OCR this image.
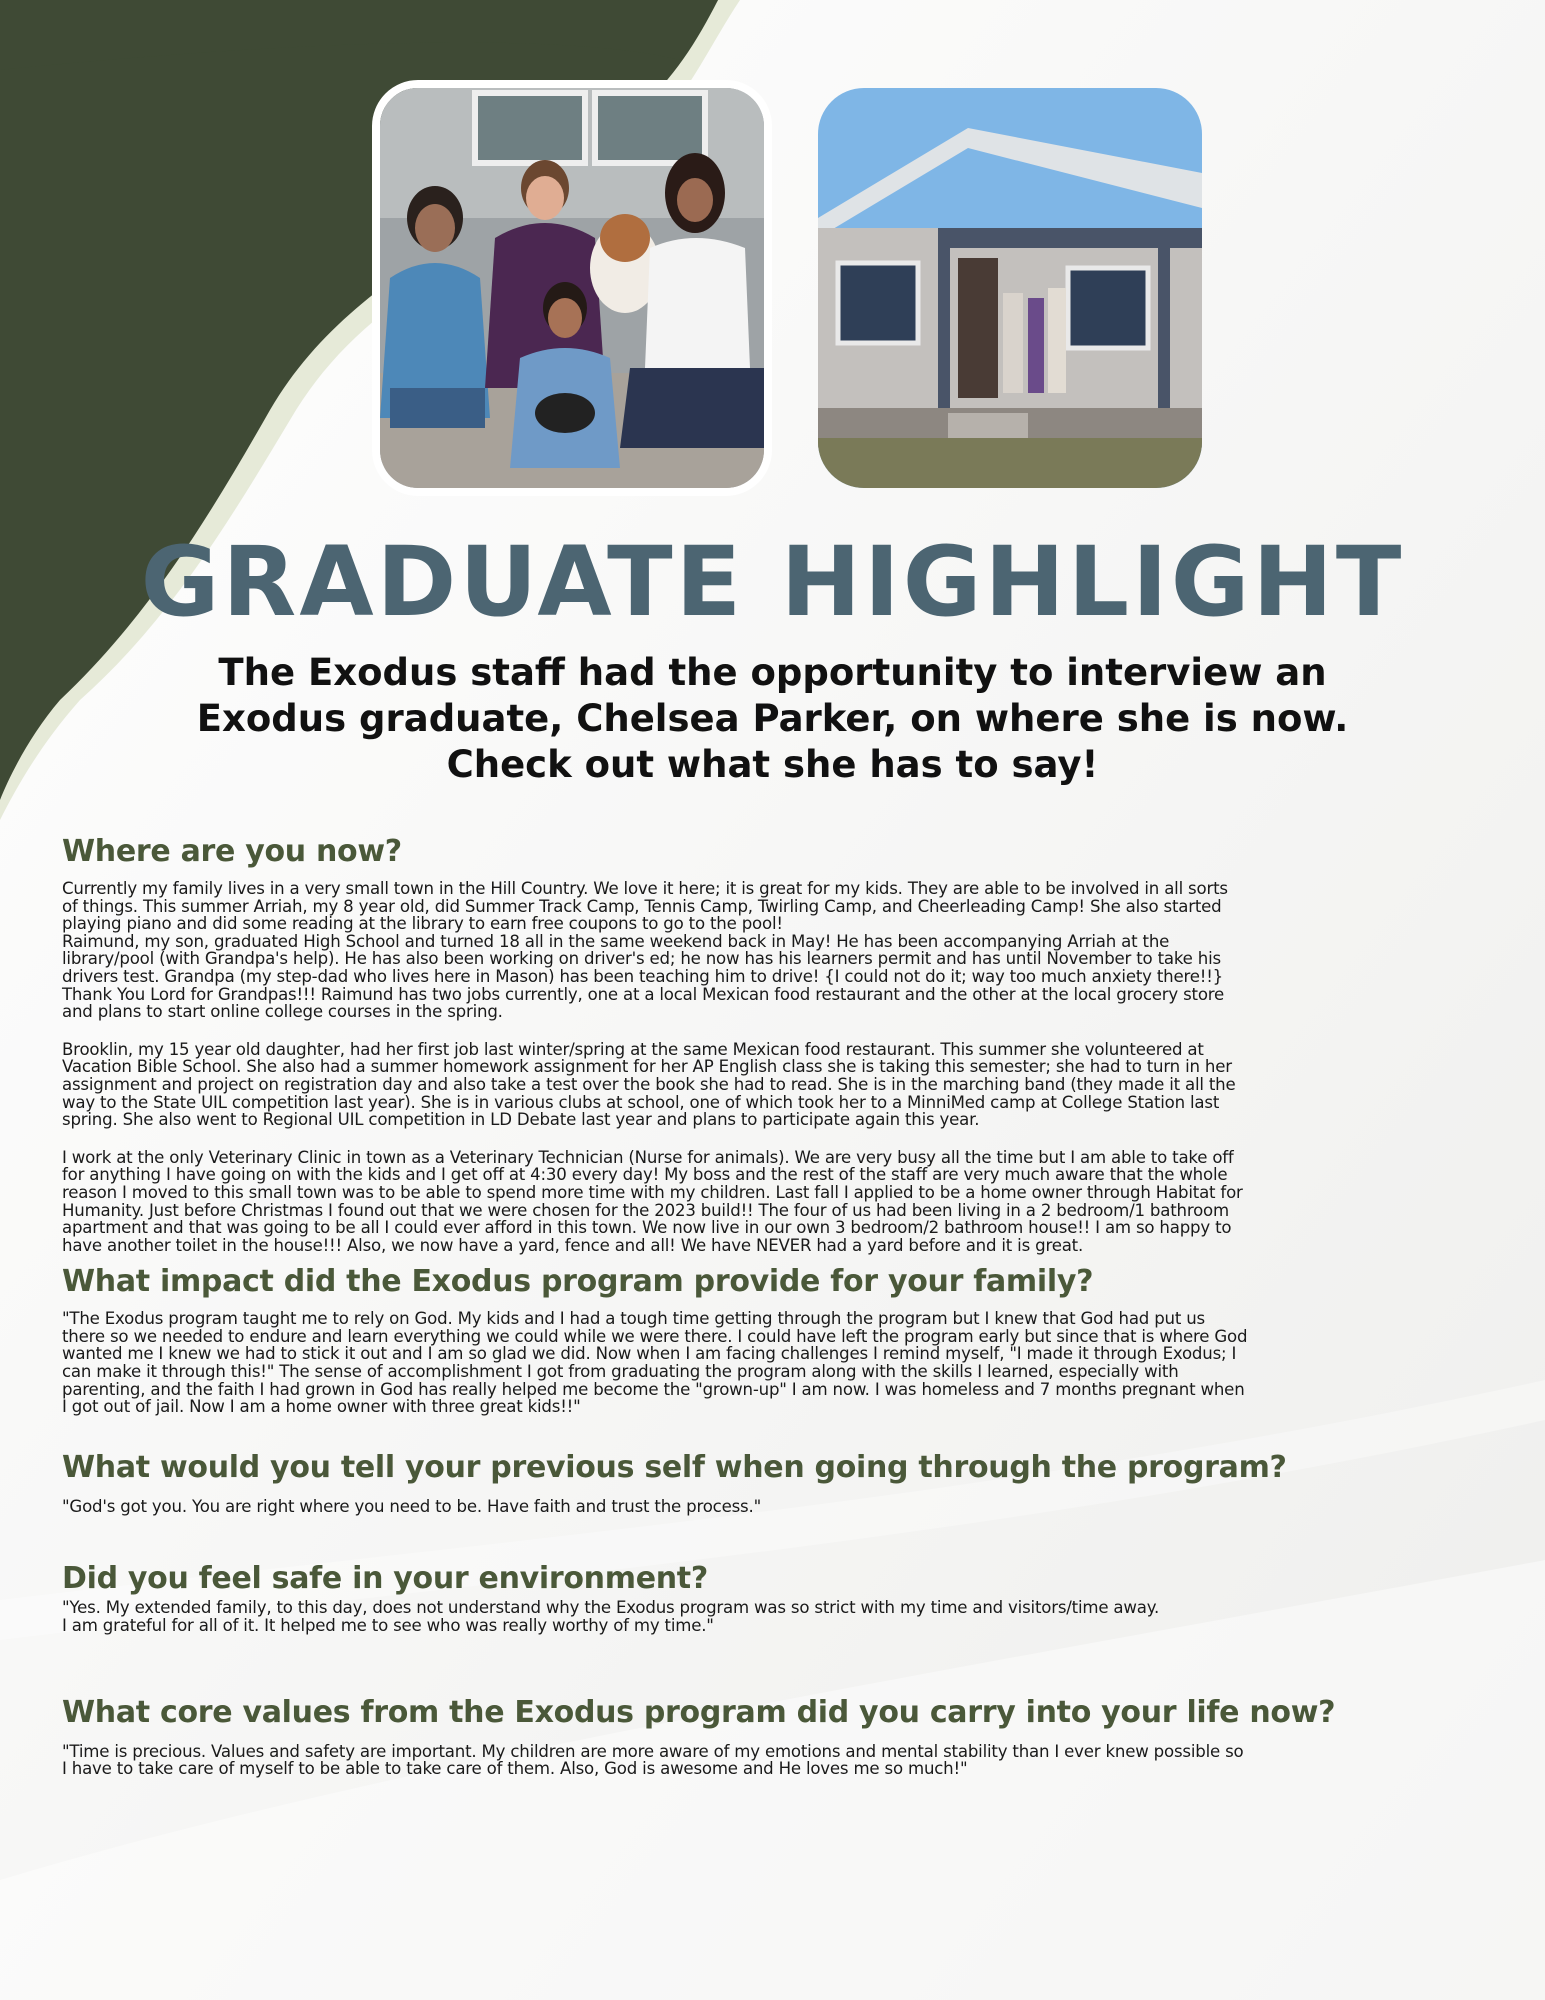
GRADUATE HIGHLIGHT
The Exodus staff had the opportunity to interview an
Exodus graduate, Chelsea Parker, on where she is now.
Check out what she has to say!
Where are you now?
Currently my family lives in a very small town in the Hill Country. We love it here; it is great for my kids. They are able to be involved in all sorts
of things. This summer Arriah, my 8 year old, did Summer Track Camp, Tennis Camp, Twirling Camp, and Cheerleading Camp! She also started
playing piano and did some reading at the library to earn free coupons to go to the pool!
Raimund, my son, graduated High School and turned 18 all in the same weekend back in May! He has been accompanying Arriah at the
library/pool (with Grandpa's help). He has also been working on driver's ed; he now has his learners permit and has until November to take his
drivers test. Grandpa (my step-dad who lives here in Mason) has been teaching him to drive! {I could not do it; way too much anxiety there!!}
Thank You Lord for Grandpas!!! Raimund has two jobs currently, one at a local Mexican food restaurant and the other at the local grocery store
and plans to start online college courses in the spring.
Brooklin, my 15 year old daughter, had her first job last winter/spring at the same Mexican food restaurant. This summer she volunteered at
Vacation Bible School. She also had a summer homework assignment for her AP English class she is taking this semester; she had to turn in her
assignment and project on registration day and also take a test over the book she had to read. She is in the marching band (they made it all the
way to the State UIL competition last year). She is in various clubs at school, one of which took her to a MinniMed camp at College Station last
spring. She also went to Regional UIL competition in LD Debate last year and plans to participate again this year.
I work at the only Veterinary Clinic in town as a Veterinary Technician (Nurse for animals). We are very busy all the time but I am able to take off
for anything I have going on with the kids and I get off at 4:30 every day! My boss and the rest of the staff are very much aware that the whole
reason I moved to this small town was to be able to spend more time with my children. Last fall I applied to be a home owner through Habitat for
Humanity. Just before Christmas I found out that we were chosen for the 2023 build!! The four of us had been living in a 2 bedroom/1 bathroom
apartment and that was going to be all I could ever afford in this town. We now live in our own 3 bedroom/2 bathroom house!! I am so happy to
have another toilet in the house!!! Also, we now have a yard, fence and all! We have NEVER had a yard before and it is great.
What impact did the Exodus program provide for your family?
"The Exodus program taught me to rely on God. My kids and I had a tough time getting through the program but I knew that God had put us
there so we needed to endure and learn everything we could while we were there. I could have left the program early but since that is where God
wanted me I knew we had to stick it out and I am so glad we did. Now when I am facing challenges I remind myself, "I made it through Exodus; I
can make it through this!" The sense of accomplishment I got from graduating the program along with the skills I learned, especially with
parenting, and the faith I had grown in God has really helped me become the "grown-up" I am now. I was homeless and 7 months pregnant when
I got out of jail. Now I am a home owner with three great kids!!"
What would you tell your previous self when going through the program?
"God's got you. You are right where you need to be. Have faith and trust the process."
Did you feel safe in your environment?
"Yes. My extended family, to this day, does not understand why the Exodus program was so strict with my time and visitors/time away.
I am grateful for all of it. It helped me to see who was really worthy of my time."
What core values from the Exodus program did you carry into your life now?
"Time is precious. Values and safety are important. My children are more aware of my emotions and mental stability than I ever knew possible so
I have to take care of myself to be able to take care of them. Also, God is awesome and He loves me so much!"
